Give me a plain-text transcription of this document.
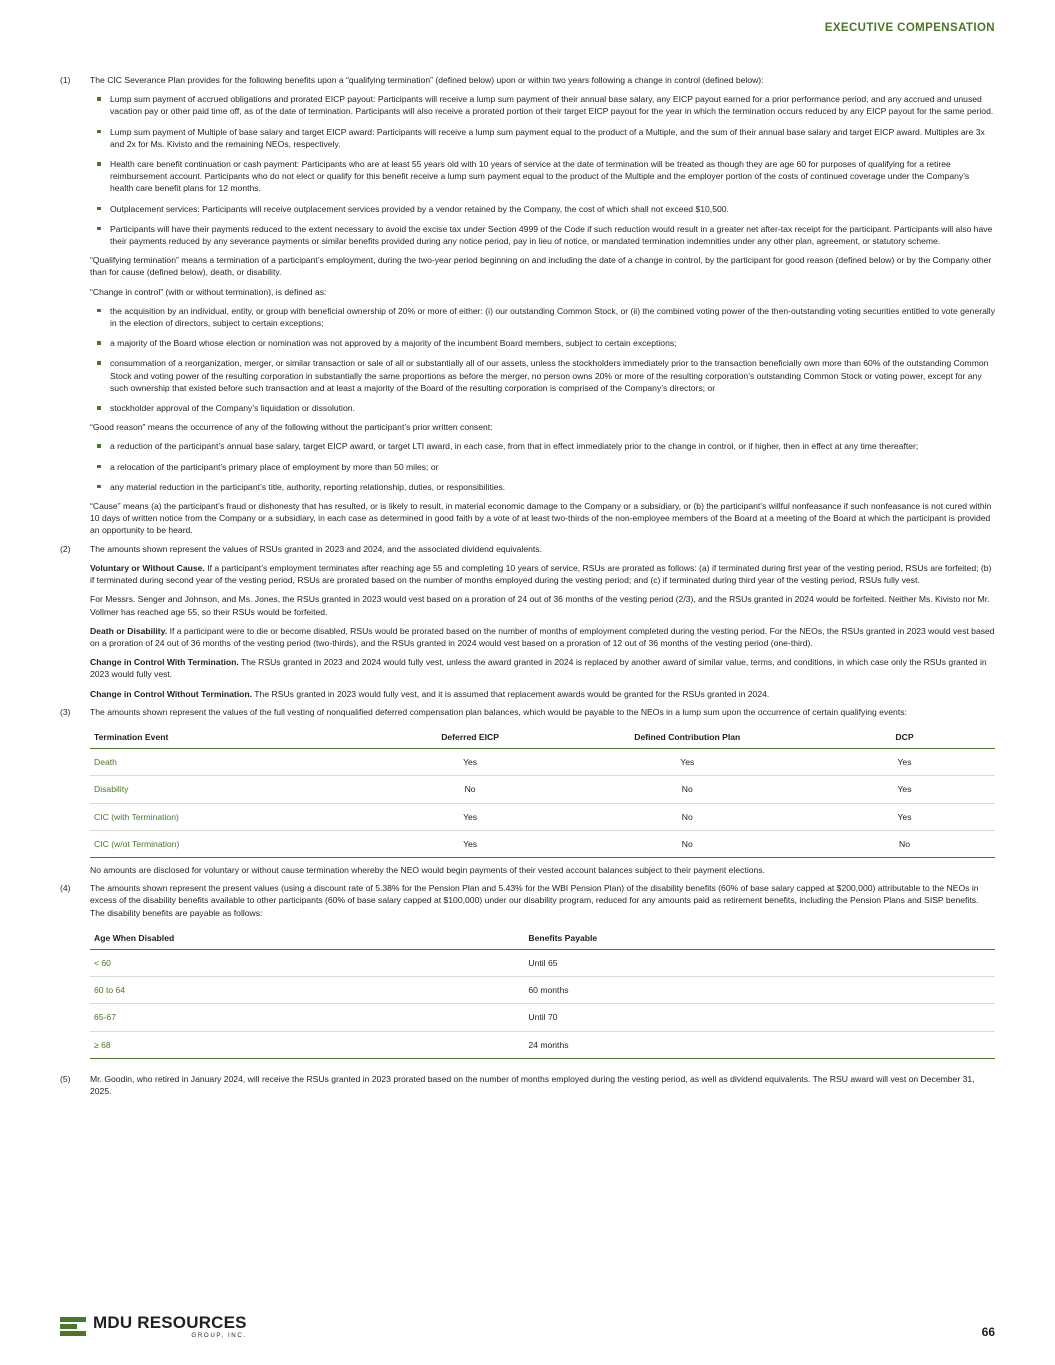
EXECUTIVE COMPENSATION
(1)	The CIC Severance Plan provides for the following benefits upon a “qualifying termination” (defined below) upon or within two years following a change in control (defined below):

Lump sum payment of accrued obligations and prorated EICP payout: Participants will receive a lump sum payment of their annual base salary, any EICP payout earned for a prior performance period, and any accrued and unused vacation pay or other paid time off, as of the date of termination. Participants will also receive a prorated portion of their target EICP payout for the year in which the termination occurs reduced by any EICP payout for the same period.
Lump sum payment of Multiple of base salary and target EICP award: Participants will receive a lump sum payment equal to the product of a Multiple, and the sum of their annual base salary and target EICP award. Multiples are 3x and 2x for Ms. Kivisto and the remaining NEOs, respectively.
Health care benefit continuation or cash payment: Participants who are at least 55 years old with 10 years of service at the date of termination will be treated as though they are age 60 for purposes of qualifying for a retiree reimbursement account. Participants who do not elect or qualify for this benefit receive a lump sum payment equal to the product of the Multiple and the employer portion of the costs of continued coverage under the Company’s health care benefit plans for 12 months.
Outplacement services: Participants will receive outplacement services provided by a vendor retained by the Company, the cost of which shall not exceed $10,500.
Participants will have their payments reduced to the extent necessary to avoid the excise tax under Section 4999 of the Code if such reduction would result in a greater net after-tax receipt for the participant. Participants will also have their payments reduced by any severance payments or similar benefits provided during any notice period, pay in lieu of notice, or mandated termination indemnities under any other plan, agreement, or statutory scheme.

“Qualifying termination” means a termination of a participant’s employment, during the two-year period beginning on and including the date of a change in control, by the participant for good reason (defined below) or by the Company other than for cause (defined below), death, or disability.

“Change in control” (with or without termination), is defined as:

the acquisition by an individual, entity, or group with beneficial ownership of 20% or more of either: (i) our outstanding Common Stock, or (ii) the combined voting power of the then-outstanding voting securities entitled to vote generally in the election of directors, subject to certain exceptions;
a majority of the Board whose election or nomination was not approved by a majority of the incumbent Board members, subject to certain exceptions;
consummation of a reorganization, merger, or similar transaction or sale of all or substantially all of our assets, unless the stockholders immediately prior to the transaction beneficially own more than 60% of the outstanding Common Stock and voting power of the resulting corporation in substantially the same proportions as before the merger, no person owns 20% or more of the resulting corporation’s outstanding Common Stock or voting power, except for any such ownership that existed before such transaction and at least a majority of the Board of the resulting corporation is comprised of the Company’s directors; or
stockholder approval of the Company’s liquidation or dissolution.

“Good reason” means the occurrence of any of the following without the participant’s prior written consent:

a reduction of the participant’s annual base salary, target EICP award, or target LTI award, in each case, from that in effect immediately prior to the change in control, or if higher, then in effect at any time thereafter;
a relocation of the participant’s primary place of employment by more than 50 miles; or
any material reduction in the participant’s title, authority, reporting relationship, duties, or responsibilities.

“Cause” means (a) the participant’s fraud or dishonesty that has resulted, or is likely to result, in material economic damage to the Company or a subsidiary, or (b) the participant’s willful nonfeasance if such nonfeasance is not cured within 10 days of written notice from the Company or a subsidiary, in each case as determined in good faith by a vote of at least two-thirds of the non-employee members of the Board at a meeting of the Board at which the participant is provided an opportunity to be heard.

(2)	The amounts shown represent the values of RSUs granted in 2023 and 2024, and the associated dividend equivalents.

Voluntary or Without Cause. If a participant’s employment terminates after reaching age 55 and completing 10 years of service, RSUs are prorated as follows: (a) if terminated during first year of the vesting period, RSUs are forfeited; (b) if terminated during second year of the vesting period, RSUs are prorated based on the number of months employed during the vesting period; and (c) if terminated during third year of the vesting period, RSUs fully vest.

For Messrs. Senger and Johnson, and Ms. Jones, the RSUs granted in 2023 would vest based on a proration of 24 out of 36 months of the vesting period (2/3), and the RSUs granted in 2024 would be forfeited. Neither Ms. Kivisto nor Mr. Vollmer has reached age 55, so their RSUs would be forfeited.

Death or Disability. If a participant were to die or become disabled, RSUs would be prorated based on the number of months of employment completed during the vesting period. For the NEOs, the RSUs granted in 2023 would vest based on a proration of 24 out of 36 months of the vesting period (two-thirds), and the RSUs granted in 2024 would vest based on a proration of 12 out of 36 months of the vesting period (one-third).

Change in Control With Termination. The RSUs granted in 2023 and 2024 would fully vest, unless the award granted in 2024 is replaced by another award of similar value, terms, and conditions, in which case only the RSUs granted in 2023 would fully vest.

Change in Control Without Termination. The RSUs granted in 2023 would fully vest, and it is assumed that replacement awards would be granted for the RSUs granted in 2024.

(3)	The amounts shown represent the values of the full vesting of nonqualified deferred compensation plan balances, which would be payable to the NEOs in a lump sum upon the occurrence of certain qualifying events:

Termination Event	Deferred EICP	Defined Contribution Plan	DCP
Death	Yes	Yes	Yes
Disability	No	No	Yes
CIC (with Termination)	Yes	No	Yes
CIC (w/ot Termination)	Yes	No	No

No amounts are disclosed for voluntary or without cause termination whereby the NEO would begin payments of their vested account balances subject to their payment elections.

(4)	The amounts shown represent the present values (using a discount rate of 5.38% for the Pension Plan and 5.43% for the WBI Pension Plan) of the disability benefits (60% of base salary capped at $200,000) attributable to the NEOs in excess of the disability benefits available to other participants (60% of base salary capped at $100,000) under our disability program, reduced for any amounts paid as retirement benefits, including the Pension Plans and SISP benefits. The disability benefits are payable as follows:

Age When Disabled	Benefits Payable
< 60	Until 65
60 to 64	60 months
65-67	Until 70
≥ 68	24 months
(5)	Mr. Goodin, who retired in January 2024, will receive the RSUs granted in 2023 prorated based on the number of months employed during the vesting period, as well as dividend equivalents. The RSU award will vest on December 31, 2025.

MDU RESOURCES
GROUP, INC.	66
